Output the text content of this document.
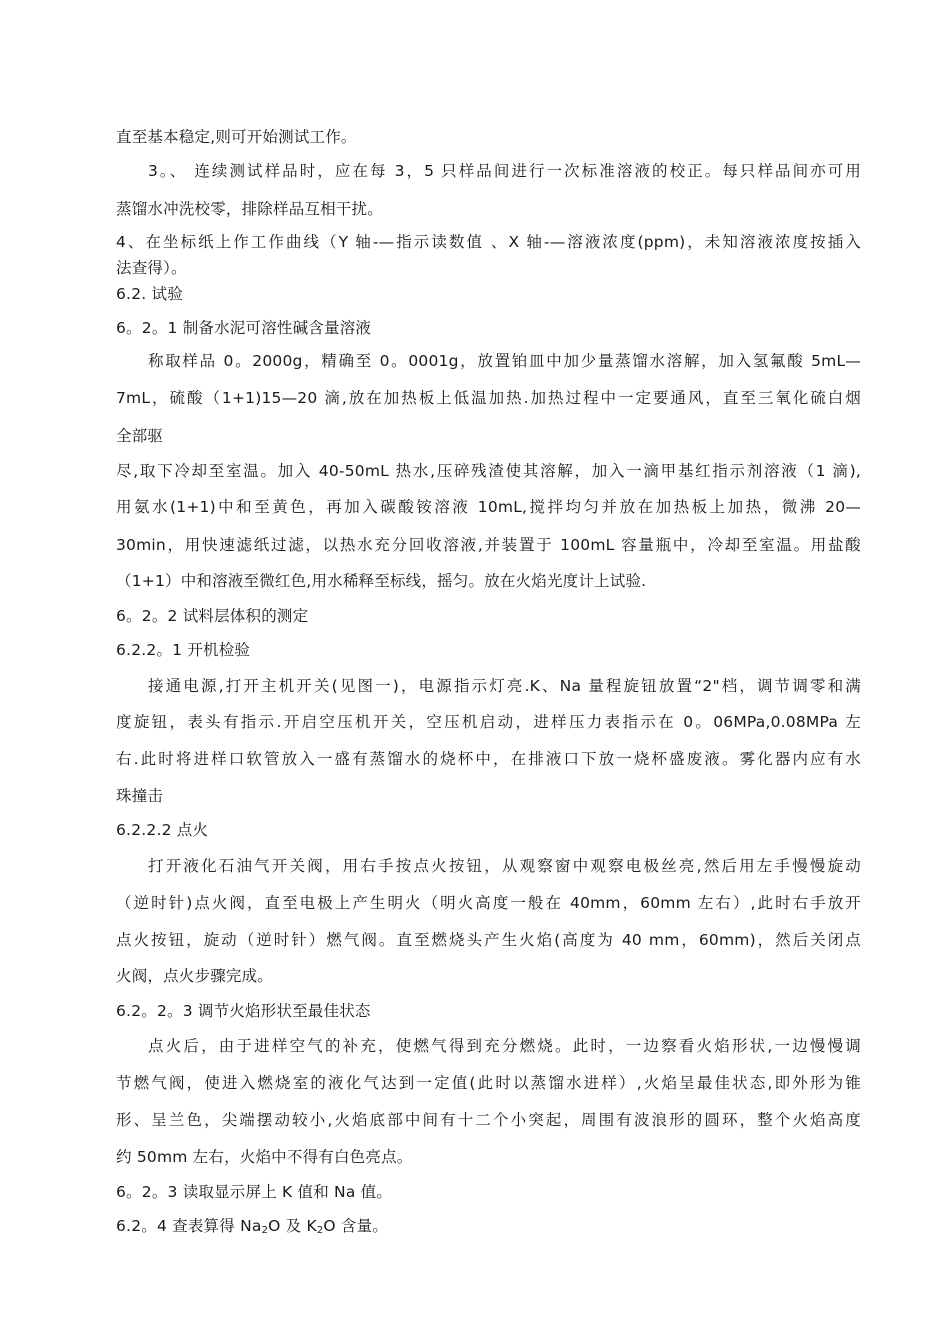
直至基本稳定,则可开始测试工作。
3。、 连续测试样品时，应在每 3，5 只样品间进行一次标准溶液的校正。每只样品间亦可用
蒸馏水冲洗校零，排除样品互相干扰。
4、在坐标纸上作工作曲线（Y 轴-—指示读数值 、X 轴-—溶液浓度(ppm)，未知溶液浓度按插入
法查得）。
6.2. 试验
6。2。1 制备水泥可溶性碱含量溶液
称取样品 0。2000g，精确至 0。0001g，放置铂皿中加少量蒸馏水溶解，加入氢氟酸 5mL—
7mL，硫酸（1+1)15—20 滴,放在加热板上低温加热.加热过程中一定要通风，直至三氧化硫白烟
全部驱
尽,取下冷却至室温。加入 40-50mL 热水,压碎残渣使其溶解，加入一滴甲基红指示剂溶液（1 滴),
用氨水(1+1)中和至黄色，再加入碳酸铵溶液 10mL,搅拌均匀并放在加热板上加热，微沸 20—
30min，用快速滤纸过滤，以热水充分回收溶液,并装置于 100mL 容量瓶中，冷却至室温。用盐酸
（1+1）中和溶液至微红色,用水稀释至标线，摇匀。放在火焰光度计上试验.
6。2。2 试料层体积的测定
6.2.2。1 开机检验
接通电源,打开主机开关(见图一)，电源指示灯亮.K、Na 量程旋钮放置“2"档，调节调零和满
度旋钮，表头有指示.开启空压机开关，空压机启动，进样压力表指示在 0。06MPa,0.08MPa 左
右.此时将进样口软管放入一盛有蒸馏水的烧杯中，在排液口下放一烧杯盛废液。雾化器内应有水
珠撞击
6.2.2.2 点火
打开液化石油气开关阀，用右手按点火按钮，从观察窗中观察电极丝亮,然后用左手慢慢旋动
（逆时针)点火阀，直至电极上产生明火（明火高度一般在 40mm，60mm 左右）,此时右手放开
点火按钮，旋动（逆时针）燃气阀。直至燃烧头产生火焰(高度为 40 mm，60mm)，然后关闭点
火阀，点火步骤完成。
6.2。2。3 调节火焰形状至最佳状态
点火后，由于进样空气的补充，使燃气得到充分燃烧。此时，一边察看火焰形状,一边慢慢调
节燃气阀，使进入燃烧室的液化气达到一定值(此时以蒸馏水进样）,火焰呈最佳状态,即外形为锥
形、呈兰色，尖端摆动较小,火焰底部中间有十二个小突起，周围有波浪形的圆环，整个火焰高度
约 50mm 左右，火焰中不得有白色亮点。
6。2。3 读取显示屏上 K 值和 Na 值。
6.2。4 查表算得 $Na_2O$ 及 $K_2O$ 含量。
